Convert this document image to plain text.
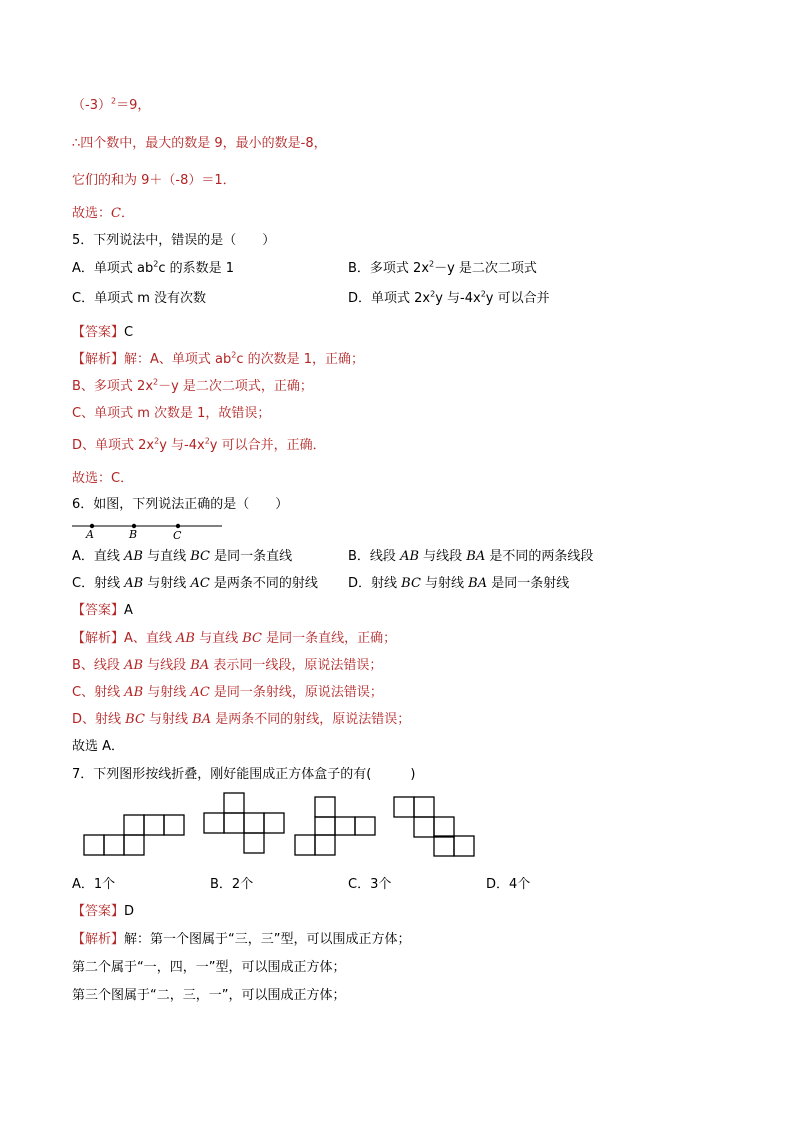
$(-3)^2=9$，
∴四个数中，最大的数是 9，最小的数是-8，
它们的和为 9＋（-8）＝1．
故选：C．
5．下列说法中，错误的是（　　）
A．单项式 $ab^2c$ 的系数是 1	B．多项式 $2x^2-y$ 是二次二项式
C．单项式 m 没有次数	D．单项式 $2x^2y$ 与$-4x^2y$ 可以合并
【答案】C
【解析】解：A、单项式 $ab^2c$ 的次数是 1，正确；
B、多项式 $2x^2-y$ 是二次二项式，正确；
C、单项式 m 次数是 1，故错误；
D、单项式 $2x^2y$ 与$-4x^2y$ 可以合并，正确．
故选：C．
6．如图，下列说法正确的是（　　）
A	B	C
A．直线 AB 与直线 BC 是同一条直线	B．线段 AB 与线段 BA 是不同的两条线段
C．射线 AB 与射线 AC 是两条不同的射线 D．射线 BC 与射线 BA 是同一条射线
【答案】A
【解析】A、直线 AB 与直线 BC 是同一条直线，正确；
B、线段 AB 与线段 BA 表示同一线段，原说法错误；
C、射线 AB 与射线 AC 是同一条射线，原说法错误；
D、射线 BC 与射线 BA 是两条不同的射线，原说法错误；
故选 A．
7．下列图形按线折叠，刚好能围成正方体盒子的有(　　　)
A．1个	B．2个	C．3个	D．4个
【答案】D
【解析】解：第一个图属于“三，三”型，可以围成正方体；
第二个属于“一，四，一”型，可以围成正方体；
第三个图属于“二，三，一”，可以围成正方体；
